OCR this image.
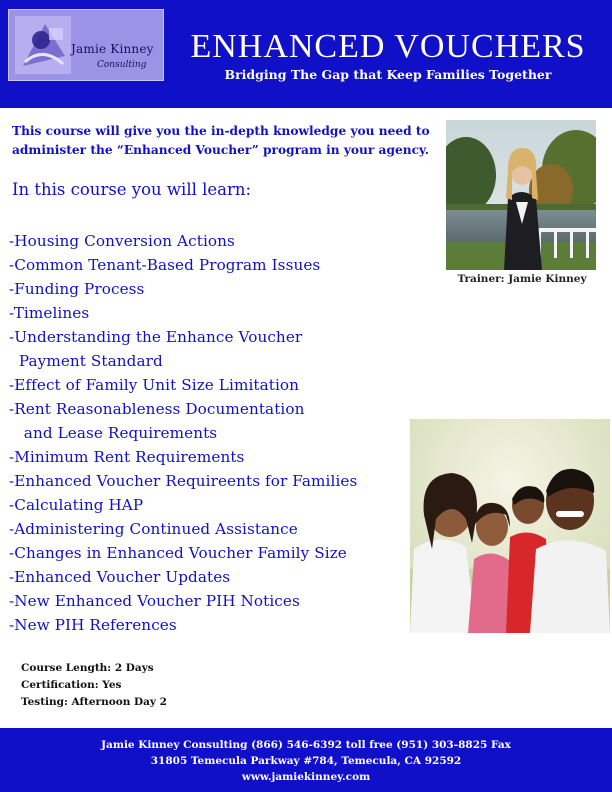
Jamie Kinney
Consulting	ENHANCED VOUCHERS
Bridging The Gap that Keep Families Together
This course will give you the in-depth knowledge you need to
administer the “Enhanced Voucher” program in your agency.
In this course you will learn:
-Housing Conversion Actions
-Common Tenant-Based Program Issues
-Funding Process
-Timelines
-Understanding the Enhance Voucher
Payment Standard
-Effect of Family Unit Size Limitation
-Rent Reasonableness Documentation
and Lease Requirements
-Minimum Rent Requirements
-Enhanced Voucher Requireents for Families
-Calculating HAP
-Administering Continued Assistance
-Changes in Enhanced Voucher Family Size
-Enhanced Voucher Updates
-New Enhanced Voucher PIH Notices
-New PIH References
Trainer: Jamie Kinney
Course Length: 2 Days
Certification: Yes
Testing: Afternoon Day 2
Jamie Kinney Consulting (866) 546-6392 toll free (951) 303-8825 Fax
31805 Temecula Parkway #784, Temecula, CA 92592
www.jamiekinney.com
